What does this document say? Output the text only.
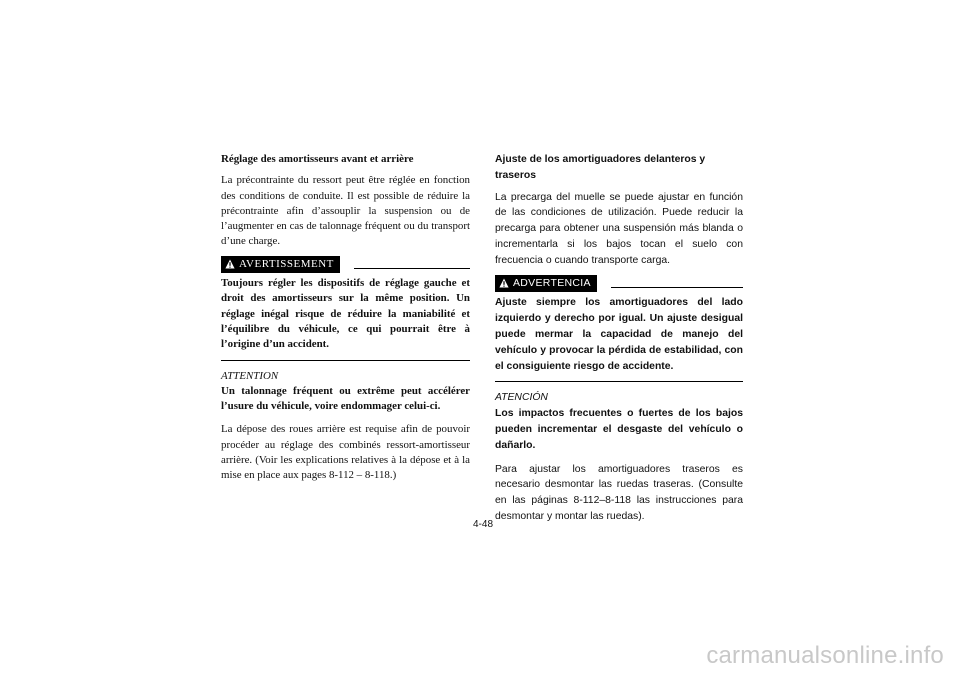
Réglage des amortisseurs avant et arrière

La précontrainte du ressort peut être réglée en fonction des conditions de conduite. Il est possible de réduire la précontrainte afin d’assouplir la suspension ou de l’augmenter en cas de talonnage fréquent ou du transport d’une charge.

AVERTISSEMENT

Toujours régler les dispositifs de réglage gauche et droit des amortisseurs sur la même position. Un réglage inégal risque de réduire la maniabilité et l’équilibre du véhicule, ce qui pourrait être à l’origine d’un accident.

ATTENTION

Un talonnage fréquent ou extrême peut accélérer l’usure du véhicule, voire endommager celui-ci.

La dépose des roues arrière est requise afin de pouvoir procéder au réglage des combinés ressort-amortisseur arrière. (Voir les explications relatives à la dépose et à la mise en place aux pages 8-112 – 8-118.)

Ajuste de los amortiguadores delanteros y traseros

La precarga del muelle se puede ajustar en función de las condiciones de utilización. Puede reducir la precarga para obtener una suspensión más blanda o incrementarla si los bajos tocan el suelo con frecuencia o cuando transporte carga.

ADVERTENCIA

Ajuste siempre los amortiguadores del lado izquierdo y derecho por igual. Un ajuste desigual puede mermar la capacidad de manejo del vehículo y provocar la pérdida de estabilidad, con el consiguiente riesgo de accidente.

ATENCIÓN

Los impactos frecuentes o fuertes de los bajos pueden incrementar el desgaste del vehículo o dañarlo.

Para ajustar los amortiguadores traseros es necesario desmontar las ruedas traseras. (Consulte en las páginas 8-112–8-118 las instrucciones para desmontar y montar las ruedas).

4-48
carmanualsonline.info
